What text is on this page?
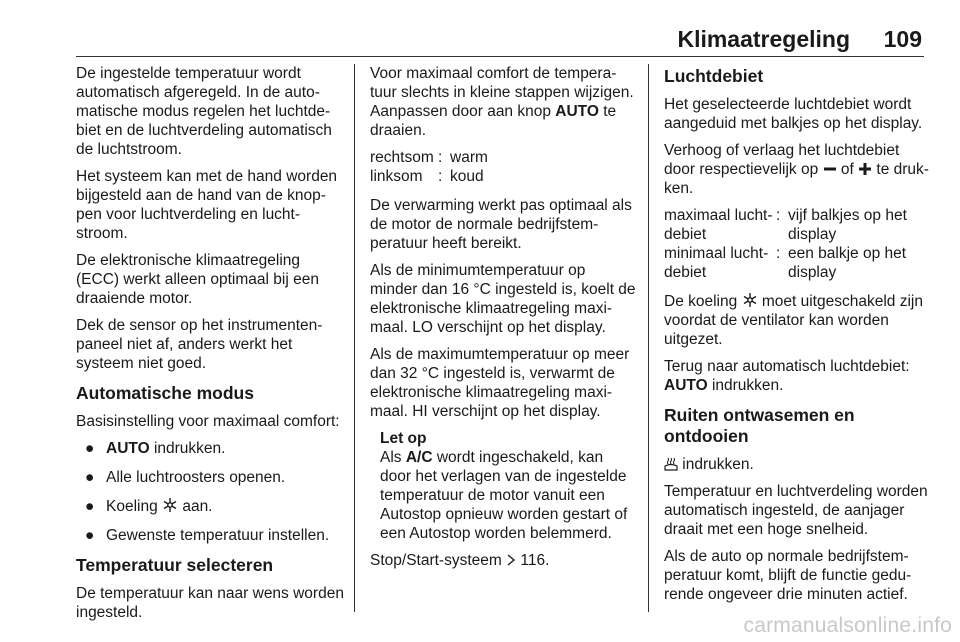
Klimaatregeling 109

De ingestelde temperatuur wordt automatisch afgeregeld. In de automatische modus regelen het luchtdebiet en de luchtverdeling automatisch de luchtstroom.

Het systeem kan met de hand worden bijgesteld aan de hand van de knoppen voor luchtverdeling en luchtstroom.

De elektronische klimaatregeling (ECC) werkt alleen optimaal bij een draaiende motor.

Dek de sensor op het instrumentenpaneel niet af, anders werkt het systeem niet goed.

Automatische modus

Basisinstelling voor maximaal comfort:

● AUTO indrukken.
● Alle luchtroosters openen.
● Koeling  aan.
● Gewenste temperatuur instellen.
Temperatuur selecteren

De temperatuur kan naar wens worden ingesteld.

Voor maximaal comfort de temperatuur slechts in kleine stappen wijzigen. Aanpassen door aan knop AUTO te draaien.

rechtsom : warm
linksom : koud

De verwarming werkt pas optimaal als de motor de normale bedrijfstemperatuur heeft bereikt.

Als de minimumtemperatuur op minder dan 16 °C ingesteld is, koelt de elektronische klimaatregeling maximaal. LO verschijnt op het display.

Als de maximumtemperatuur op meer dan 32 °C ingesteld is, verwarmt de elektronische klimaatregeling maximaal. HI verschijnt op het display.

Let op
Als A/C wordt ingeschakeld, kan door het verlagen van de ingestelde temperatuur de motor vanuit een Autostop opnieuw worden gestart of een Autostop worden belemmerd.

Stop/Start-systeem  116.

Luchtdebiet

Het geselecteerde luchtdebiet wordt aangeduid met balkjes op het display.

Verhoog of verlaag het luchtdebiet door respectievelijk op  of  te drukken.

maximaal luchtdebiet
: vijf balkjes op het display
minimaal luchtdebiet
: een balkje op het display

De koeling  moet uitgeschakeld zijn voordat de ventilator kan worden uitgezet.

Terug naar automatisch luchtdebiet: AUTO indrukken.

Ruiten ontwasemen en ontdooien

indrukken.

Temperatuur en luchtverdeling worden automatisch ingesteld, de aanjager draait met een hoge snelheid.

Als de auto op normale bedrijfstemperatuur komt, blijft de functie gedurende ongeveer drie minuten actief.

carmanualsonline.info
